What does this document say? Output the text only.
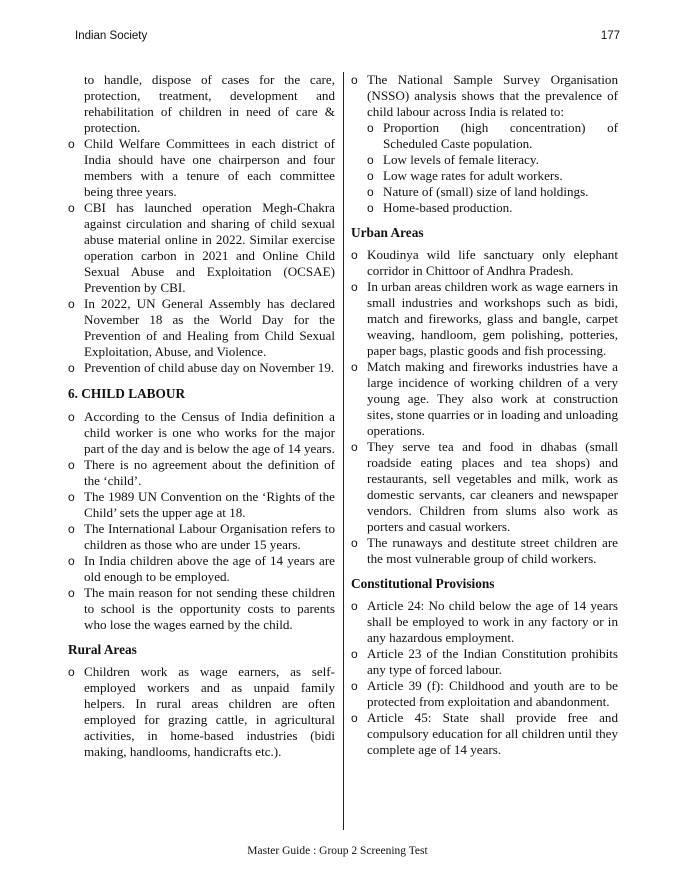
Indian Society	177
to handle, dispose of cases for the care, protection, treatment, development and rehabilitation of children in need of care & protection.
o Child Welfare Committees in each district of India should have one chairperson and four members with a tenure of each committee being three years.
o CBI has launched operation Megh-Chakra against circulation and sharing of child sexual abuse material online in 2022. Similar exercise operation carbon in 2021 and Online Child Sexual Abuse and Exploitation (OCSAE) Prevention by CBI.
o In 2022, UN General Assembly has declared November 18 as the World Day for the Prevention of and Healing from Child Sexual Exploitation, Abuse, and Violence.
o Prevention of child abuse day on November 19.
6. CHILD LABOUR
o According to the Census of India definition a child worker is one who works for the major part of the day and is below the age of 14 years.
o There is no agreement about the definition of the ‘child’.
o The 1989 UN Convention on the ‘Rights of the Child’ sets the upper age at 18.
o The International Labour Organisation refers to children as those who are under 15 years.
o In India children above the age of 14 years are old enough to be employed.
o The main reason for not sending these children to school is the opportunity costs to parents who lose the wages earned by the child.
Rural Areas
o Children work as wage earners, as self-employed workers and as unpaid family helpers. In rural areas children are often employed for grazing cattle, in agricultural activities, in home-based industries (bidi making, handlooms, handicrafts etc.).
o The National Sample Survey Organisation (NSSO) analysis shows that the prevalence of child labour across India is related to:
o Proportion (high concentration) of Scheduled Caste population.
o Low levels of female literacy.
o Low wage rates for adult workers.
o Nature of (small) size of land holdings.
o Home-based production.
Urban Areas
o Koudinya wild life sanctuary only elephant corridor in Chittoor of Andhra Pradesh.
o In urban areas children work as wage earners in small industries and workshops such as bidi, match and fireworks, glass and bangle, carpet weaving, handloom, gem polishing, potteries, paper bags, plastic goods and fish processing.
o Match making and fireworks industries have a large incidence of working children of a very young age. They also work at construction sites, stone quarries or in loading and unloading operations.
o They serve tea and food in dhabas (small roadside eating places and tea shops) and restaurants, sell vegetables and milk, work as domestic servants, car cleaners and newspaper vendors. Children from slums also work as porters and casual workers.
o The runaways and destitute street children are the most vulnerable group of child workers.
Constitutional Provisions
o Article 24: No child below the age of 14 years shall be employed to work in any factory or in any hazardous employment.
o Article 23 of the Indian Constitution prohibits any type of forced labour.
o Article 39 (f): Childhood and youth are to be protected from exploitation and abandonment.
o Article 45: State shall provide free and compulsory education for all children until they complete age of 14 years.
Master Guide : Group 2 Screening Test
